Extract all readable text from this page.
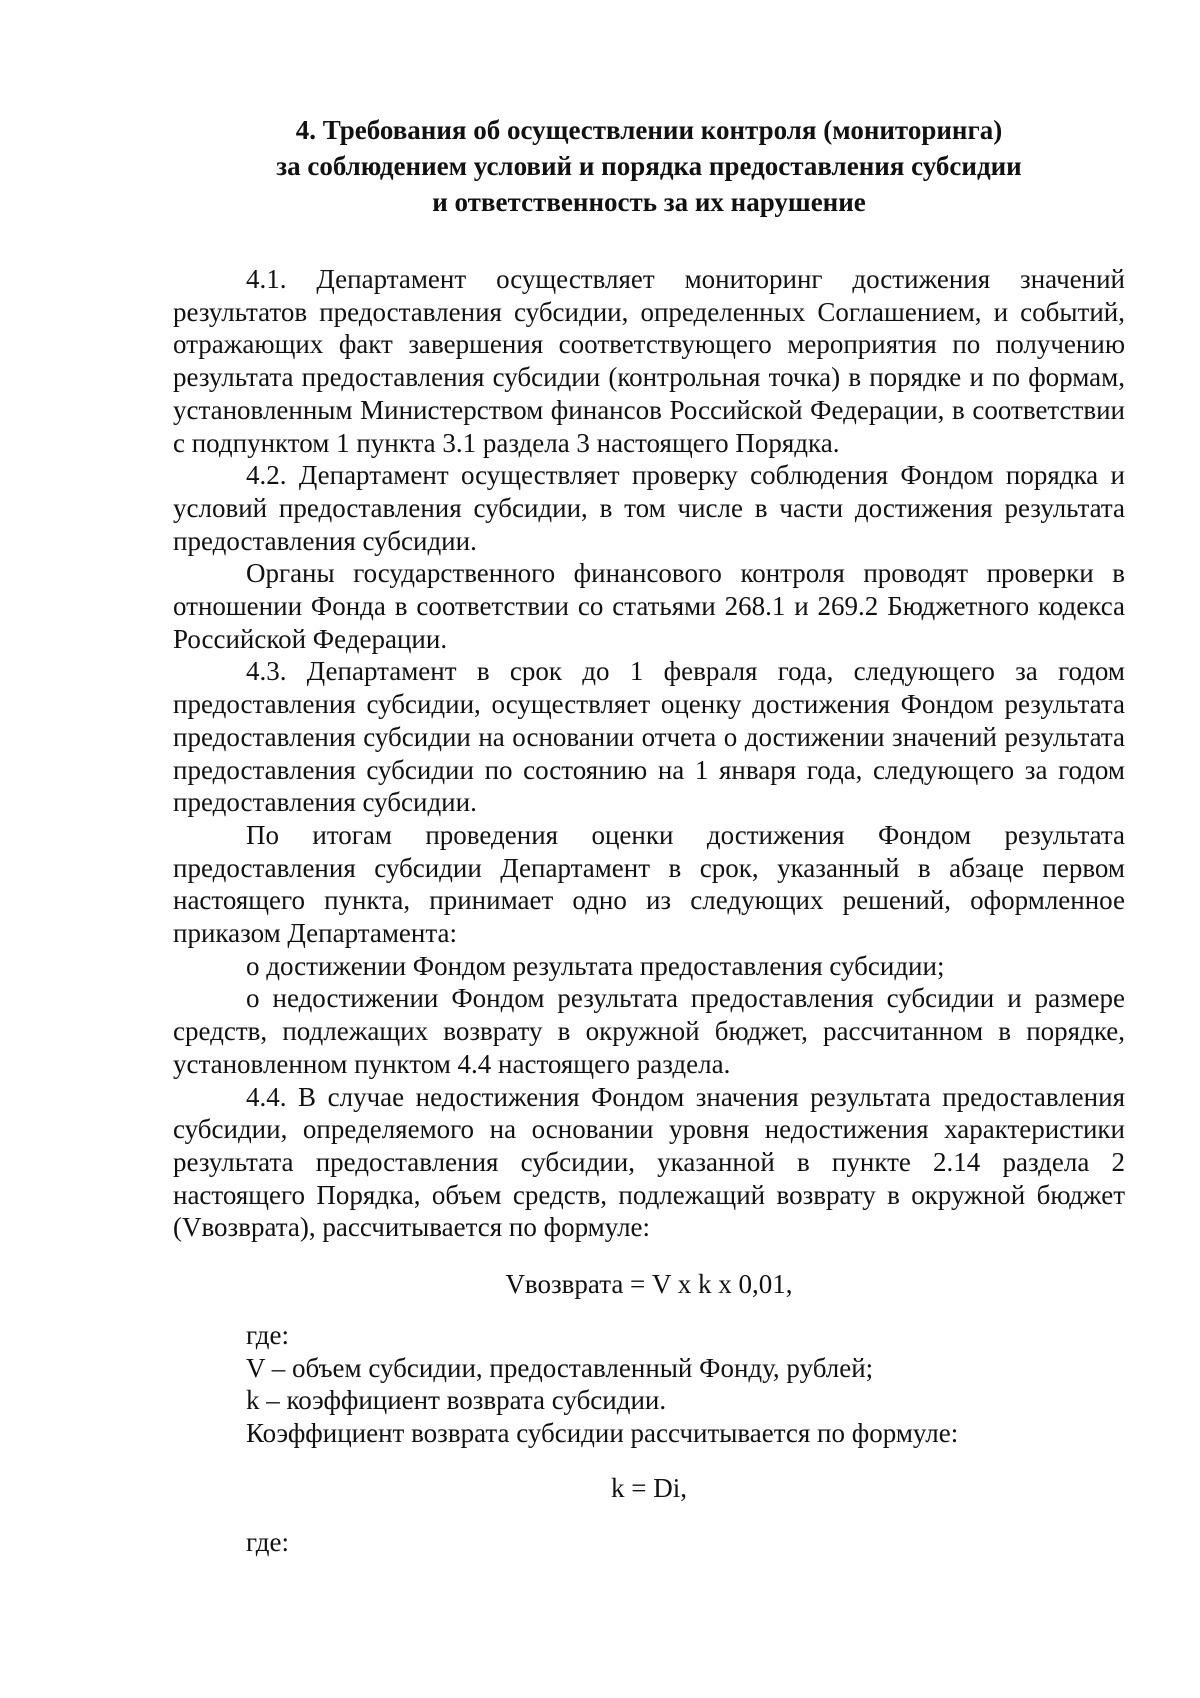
4. Требования об осуществлении контроля (мониторинга)
за соблюдением условий и порядка предоставления субсидии
и ответственность за их нарушение

4.1. Департамент осуществляет мониторинг достижения значений результатов предоставления субсидии, определенных Соглашением, и событий, отражающих факт завершения соответствующего мероприятия по получению результата предоставления субсидии (контрольная точка) в порядке и по формам, установленным Министерством финансов Российской Федерации, в соответствии с подпунктом 1 пункта 3.1 раздела 3 настоящего Порядка.

4.2. Департамент осуществляет проверку соблюдения Фондом порядка и условий предоставления субсидии, в том числе в части достижения результата предоставления субсидии.

Органы государственного финансового контроля проводят проверки в отношении Фонда в соответствии со статьями 268.1 и 269.2 Бюджетного кодекса Российской Федерации.

4.3. Департамент в срок до 1 февраля года, следующего за годом предоставления субсидии, осуществляет оценку достижения Фондом результата предоставления субсидии на основании отчета о достижении значений результата предоставления субсидии по состоянию на 1 января года, следующего за годом предоставления субсидии.

По итогам проведения оценки достижения Фондом результата предоставления субсидии Департамент в срок, указанный в абзаце первом настоящего пункта, принимает одно из следующих решений, оформленное приказом Департамента:

о достижении Фондом результата предоставления субсидии;

о недостижении Фондом результата предоставления субсидии и размере средств, подлежащих возврату в окружной бюджет, рассчитанном в порядке, установленном пунктом 4.4 настоящего раздела.

4.4. В случае недостижения Фондом значения результата предоставления субсидии, определяемого на основании уровня недостижения характеристики результата предоставления субсидии, указанной в пункте 2.14 раздела 2 настоящего Порядка, объем средств, подлежащий возврату в окружной бюджет (Vвозврата), рассчитывается по формуле:

Vвозврата = V x k x 0,01,

где:

V – объем субсидии, предоставленный Фонду, рублей;

k – коэффициент возврата субсидии.

Коэффициент возврата субсидии рассчитывается по формуле:

k = Di,

где:
